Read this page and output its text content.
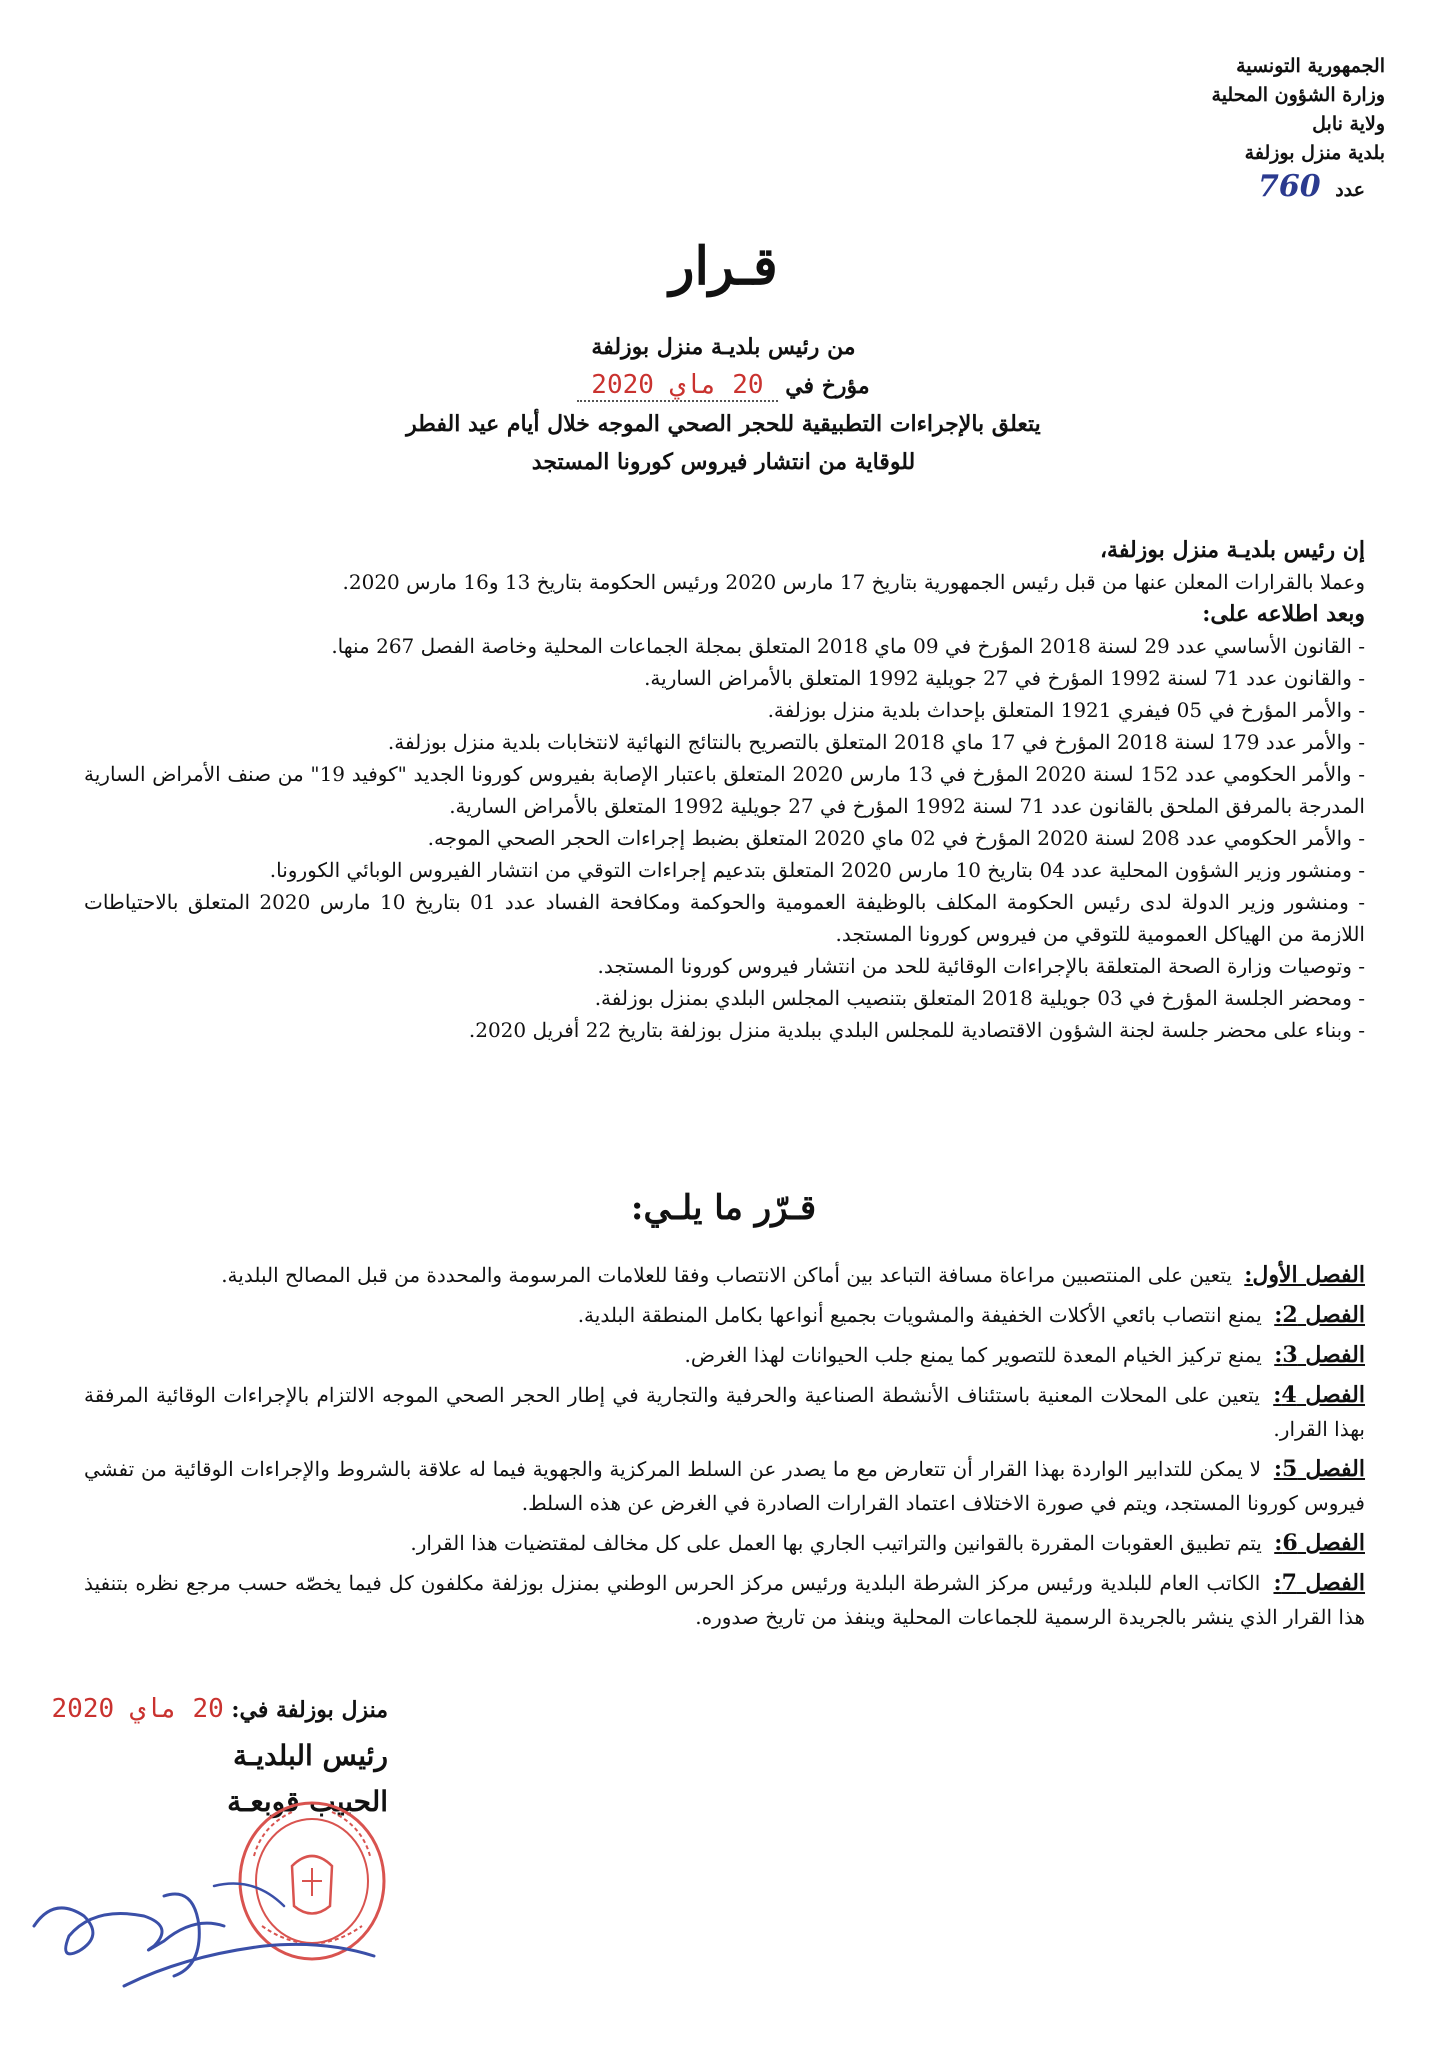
الجمهورية التونسية
وزارة الشؤون المحلية
ولاية نابل
بلدية منزل بوزلفة
عدد 760
قـرار
من رئيس بلديـة منزل بوزلفة
مؤرخ في 20 ماي 2020
يتعلق بالإجراءات التطبيقية للحجر الصحي الموجه خلال أيام عيد الفطر
للوقاية من انتشار فيروس كورونا المستجد
إن رئيس بلديـة منزل بوزلفة،
وعملا بالقرارات المعلن عنها من قبل رئيس الجمهورية بتاريخ 17 مارس 2020 ورئيس الحكومة بتاريخ 13 و16 مارس 2020.
وبعد اطلاعه على:
- القانون الأساسي عدد 29 لسنة 2018 المؤرخ في 09 ماي 2018 المتعلق بمجلة الجماعات المحلية وخاصة الفصل 267 منها.
- والقانون عدد 71 لسنة 1992 المؤرخ في 27 جويلية 1992 المتعلق بالأمراض السارية.
- والأمر المؤرخ في 05 فيفري 1921 المتعلق بإحداث بلدية منزل بوزلفة.
- والأمر عدد 179 لسنة 2018 المؤرخ في 17 ماي 2018 المتعلق بالتصريح بالنتائج النهائية لانتخابات بلدية منزل بوزلفة.
- والأمر الحكومي عدد 152 لسنة 2020 المؤرخ في 13 مارس 2020 المتعلق باعتبار الإصابة بفيروس كورونا الجديد "كوفيد 19" من صنف الأمراض السارية المدرجة بالمرفق الملحق بالقانون عدد 71 لسنة 1992 المؤرخ في 27 جويلية 1992 المتعلق بالأمراض السارية.
- والأمر الحكومي عدد 208 لسنة 2020 المؤرخ في 02 ماي 2020 المتعلق بضبط إجراءات الحجر الصحي الموجه.
- ومنشور وزير الشؤون المحلية عدد 04 بتاريخ 10 مارس 2020 المتعلق بتدعيم إجراءات التوقي من انتشار الفيروس الوبائي الكورونا.
- ومنشور وزير الدولة لدى رئيس الحكومة المكلف بالوظيفة العمومية والحوكمة ومكافحة الفساد عدد 01 بتاريخ 10 مارس 2020 المتعلق بالاحتياطات اللازمة من الهياكل العمومية للتوقي من فيروس كورونا المستجد.
- وتوصيات وزارة الصحة المتعلقة بالإجراءات الوقائية للحد من انتشار فيروس كورونا المستجد.
- ومحضر الجلسة المؤرخ في 03 جويلية 2018 المتعلق بتنصيب المجلس البلدي بمنزل بوزلفة.
- وبناء على محضر جلسة لجنة الشؤون الاقتصادية للمجلس البلدي ببلدية منزل بوزلفة بتاريخ 22 أفريل 2020.
قـرّر ما يلـي:
الفصل الأول: يتعين على المنتصبين مراعاة مسافة التباعد بين أماكن الانتصاب وفقا للعلامات المرسومة والمحددة من قبل المصالح البلدية.
الفصل 2: يمنع انتصاب بائعي الأكلات الخفيفة والمشويات بجميع أنواعها بكامل المنطقة البلدية.
الفصل 3: يمنع تركيز الخيام المعدة للتصوير كما يمنع جلب الحيوانات لهذا الغرض.
الفصل 4: يتعين على المحلات المعنية باستئناف الأنشطة الصناعية والحرفية والتجارية في إطار الحجر الصحي الموجه الالتزام بالإجراءات الوقائية المرفقة بهذا القرار.
الفصل 5: لا يمكن للتدابير الواردة بهذا القرار أن تتعارض مع ما يصدر عن السلط المركزية والجهوية فيما له علاقة بالشروط والإجراءات الوقائية من تفشي فيروس كورونا المستجد، ويتم في صورة الاختلاف اعتماد القرارات الصادرة في الغرض عن هذه السلط.
الفصل 6: يتم تطبيق العقوبات المقررة بالقوانين والتراتيب الجاري بها العمل على كل مخالف لمقتضيات هذا القرار.
الفصل 7: الكاتب العام للبلدية ورئيس مركز الشرطة البلدية ورئيس مركز الحرس الوطني بمنزل بوزلفة مكلفون كل فيما يخصّه حسب مرجع نظره بتنفيذ هذا القرار الذي ينشر بالجريدة الرسمية للجماعات المحلية وينفذ من تاريخ صدوره.
منزل بوزلفة في: 20 ماي 2020
رئيس البلديـة
الحبيب قوبعـة
